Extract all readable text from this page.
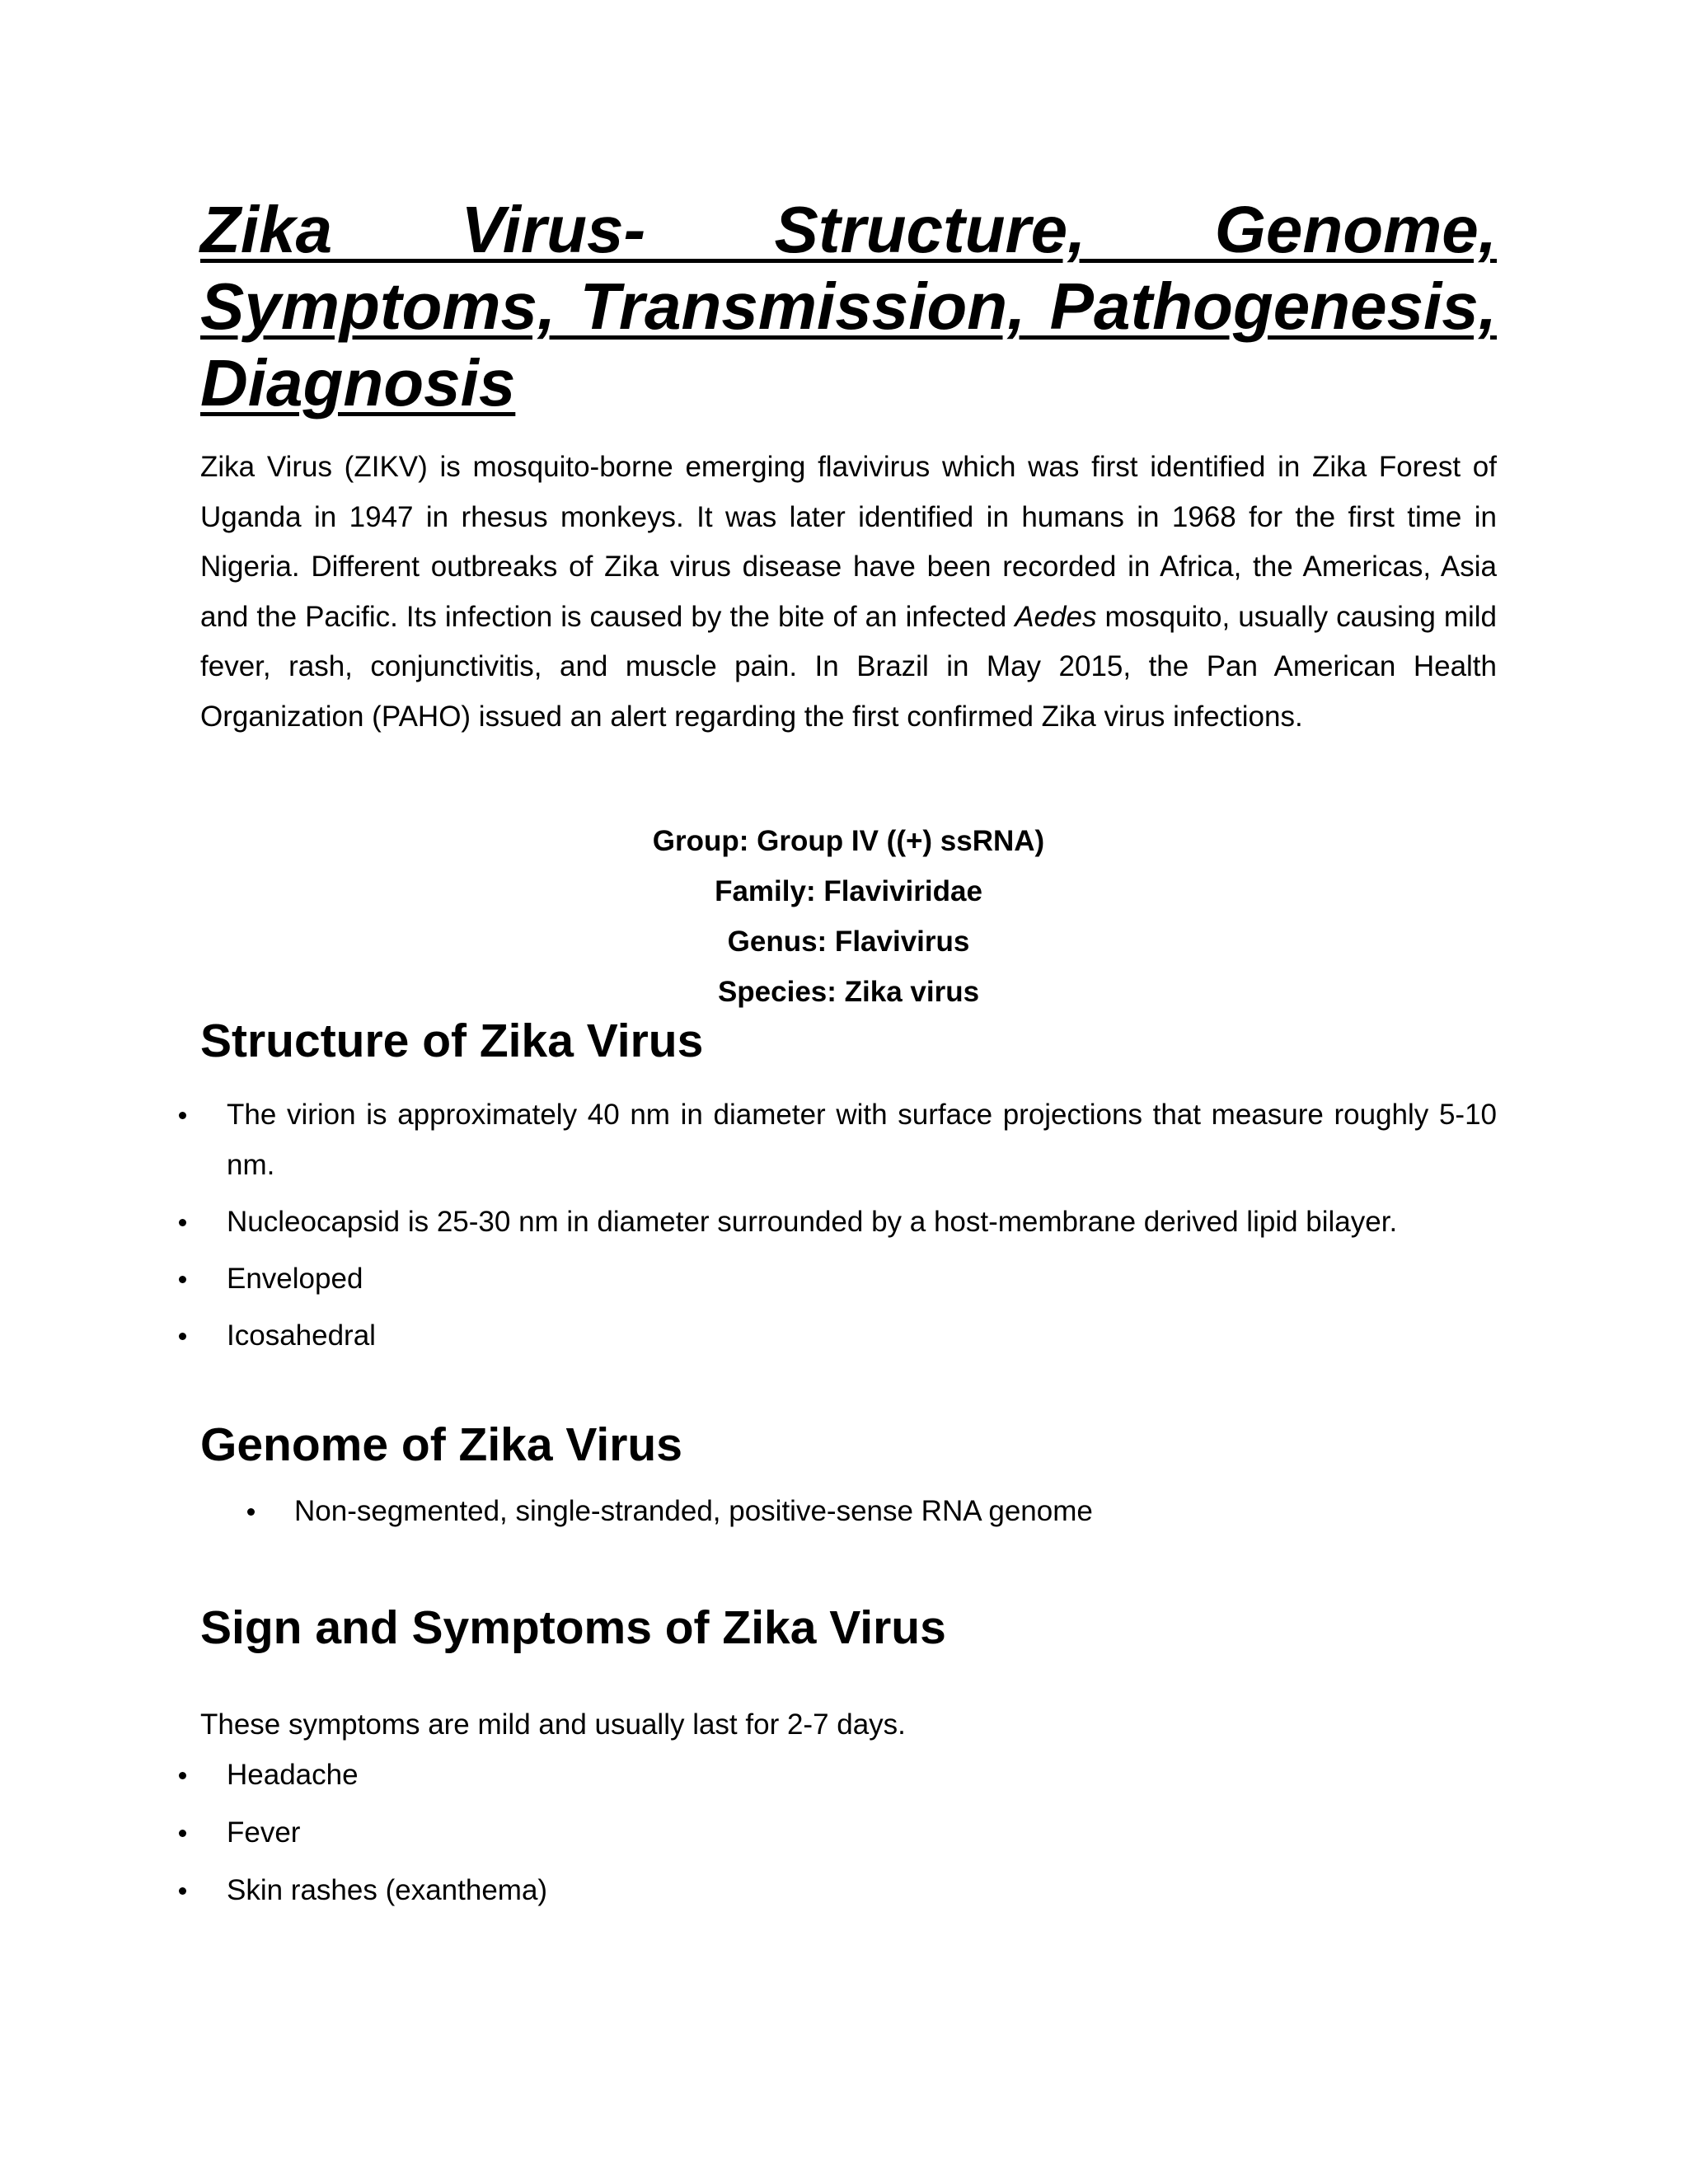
Zika Virus- Structure, Genome,
Symptoms, Transmission, Pathogenesis,
Diagnosis

Zika Virus (ZIKV) is mosquito-borne emerging flavivirus which was first identified in Zika Forest of Uganda in 1947 in rhesus monkeys. It was later identified in humans in 1968 for the first time in Nigeria. Different outbreaks of Zika virus disease have been recorded in Africa, the Americas, Asia and the Pacific. Its infection is caused by the bite of an infected Aedes mosquito, usually causing mild fever, rash, conjunctivitis, and muscle pain. In Brazil in May 2015, the Pan American Health Organization (PAHO) issued an alert regarding the first confirmed Zika virus infections.

Group: Group IV ((+) ssRNA)
Family: Flaviviridae
Genus: Flavivirus
Species: Zika virus
Structure of Zika Virus
Genome of Zika Virus
Sign and Symptoms of Zika Virus

These symptoms are mild and usually last for 2-7 days.

The virion is approximately 40 nm in diameter with surface projections that measure roughly 5-10 nm.
Nucleocapsid is 25-30 nm in diameter surrounded by a host-membrane derived lipid bilayer.
Enveloped
Icosahedral
Non-segmented, single-stranded, positive-sense RNA genome
Headache
Fever
Skin rashes (exanthema)
